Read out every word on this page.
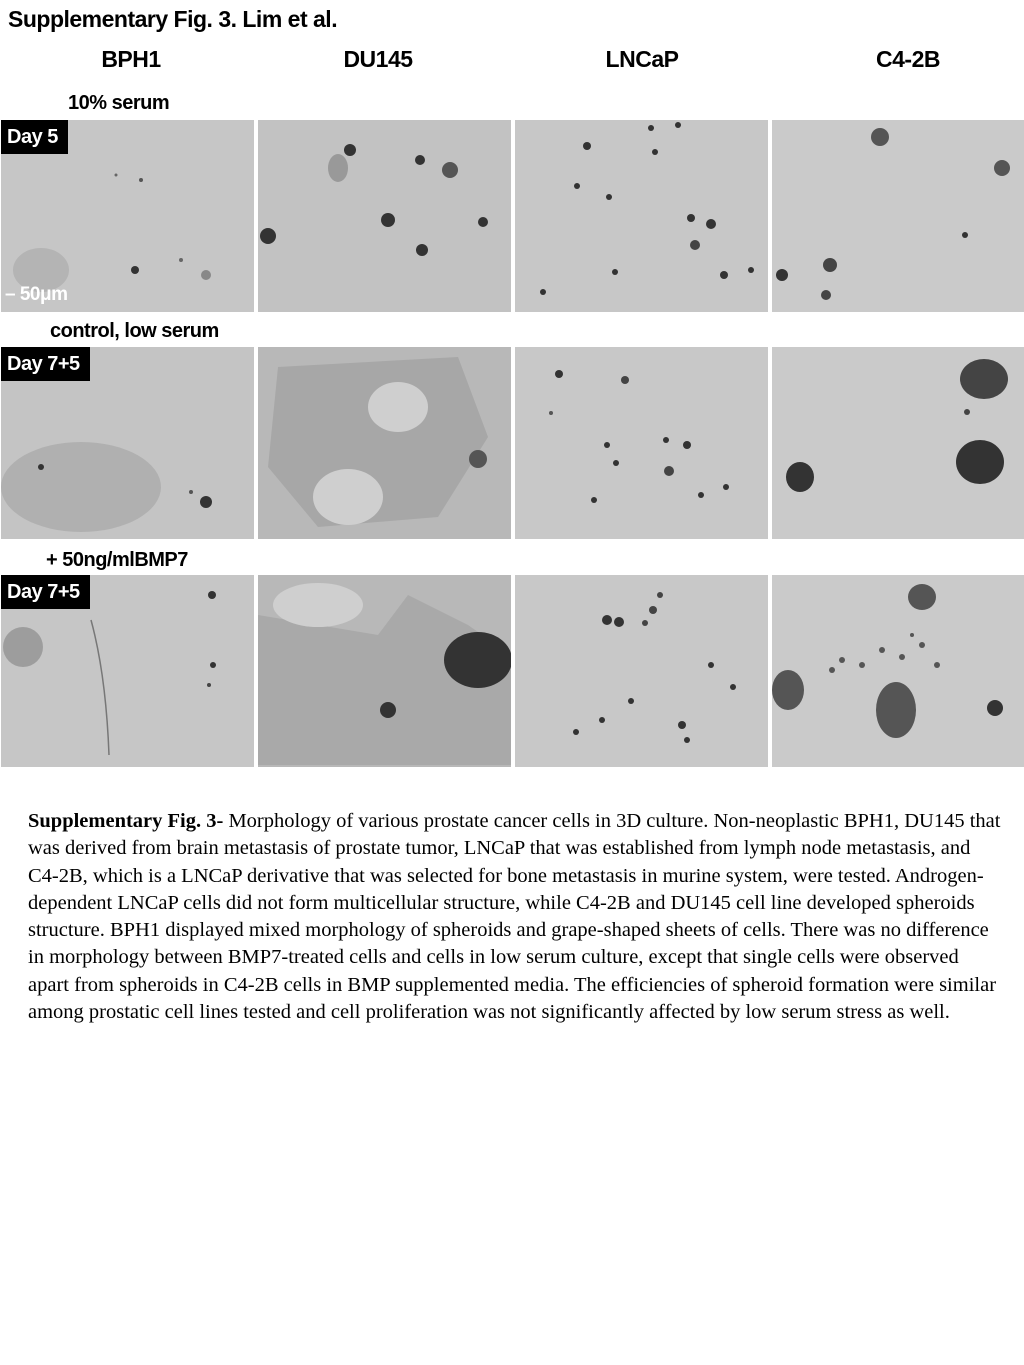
Supplementary Fig. 3. Lim et al.
BPH1	DU145	LNCaP	C4-2B
10% serum
control, low serum
+ 50ng/mlBMP7
Day 5
– 50μm
Day 7+5
Day 7+5
Supplementary Fig. 3- Morphology of various prostate cancer cells in 3D culture. Non-neoplastic BPH1, DU145 that was derived from brain metastasis of prostate tumor, LNCaP that was established from lymph node metastasis, and C4-2B, which is a LNCaP derivative that was selected for bone metastasis in murine system, were tested. Androgen-dependent LNCaP cells did not form multicellular structure, while C4-2B and DU145 cell line developed spheroids structure. BPH1 displayed mixed morphology of spheroids and grape-shaped sheets of cells. There was no difference in morphology between BMP7-treated cells and cells in low serum culture, except that single cells were observed apart from spheroids in C4-2B cells in BMP supplemented media. The efficiencies of spheroid formation were similar among prostatic cell lines tested and cell proliferation was not significantly affected by low serum stress as well.
